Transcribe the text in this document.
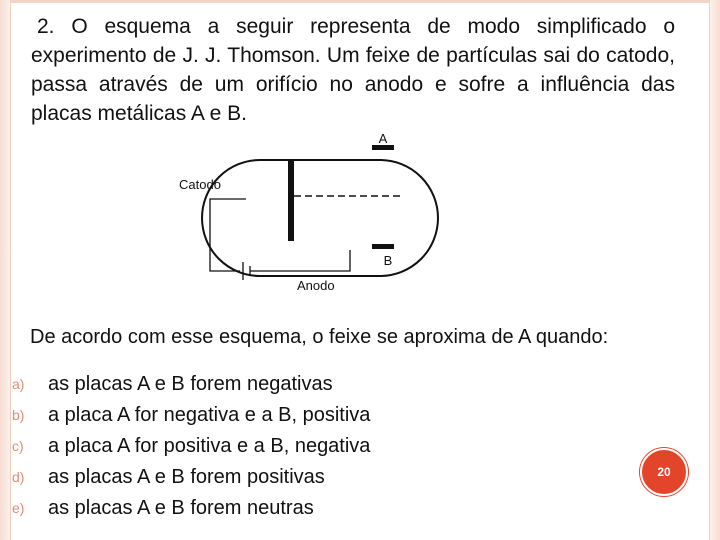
2. O esquema a seguir representa de modo simplificado o experimento de J. J. Thomson. Um feixe de partículas sai do catodo, passa através de um orifício no anodo e sofre a influência das placas metálicas A e B.

A
B
Catodo
Anodo

De acordo com esse esquema, o feixe se aproxima de A quando:

a) as placas A e B forem negativas
b) a placa A for negativa e a B, positiva
c) a placa A for positiva e a B, negativa
d) as placas A e B forem positivas
e) as placas A e B forem neutras
20
